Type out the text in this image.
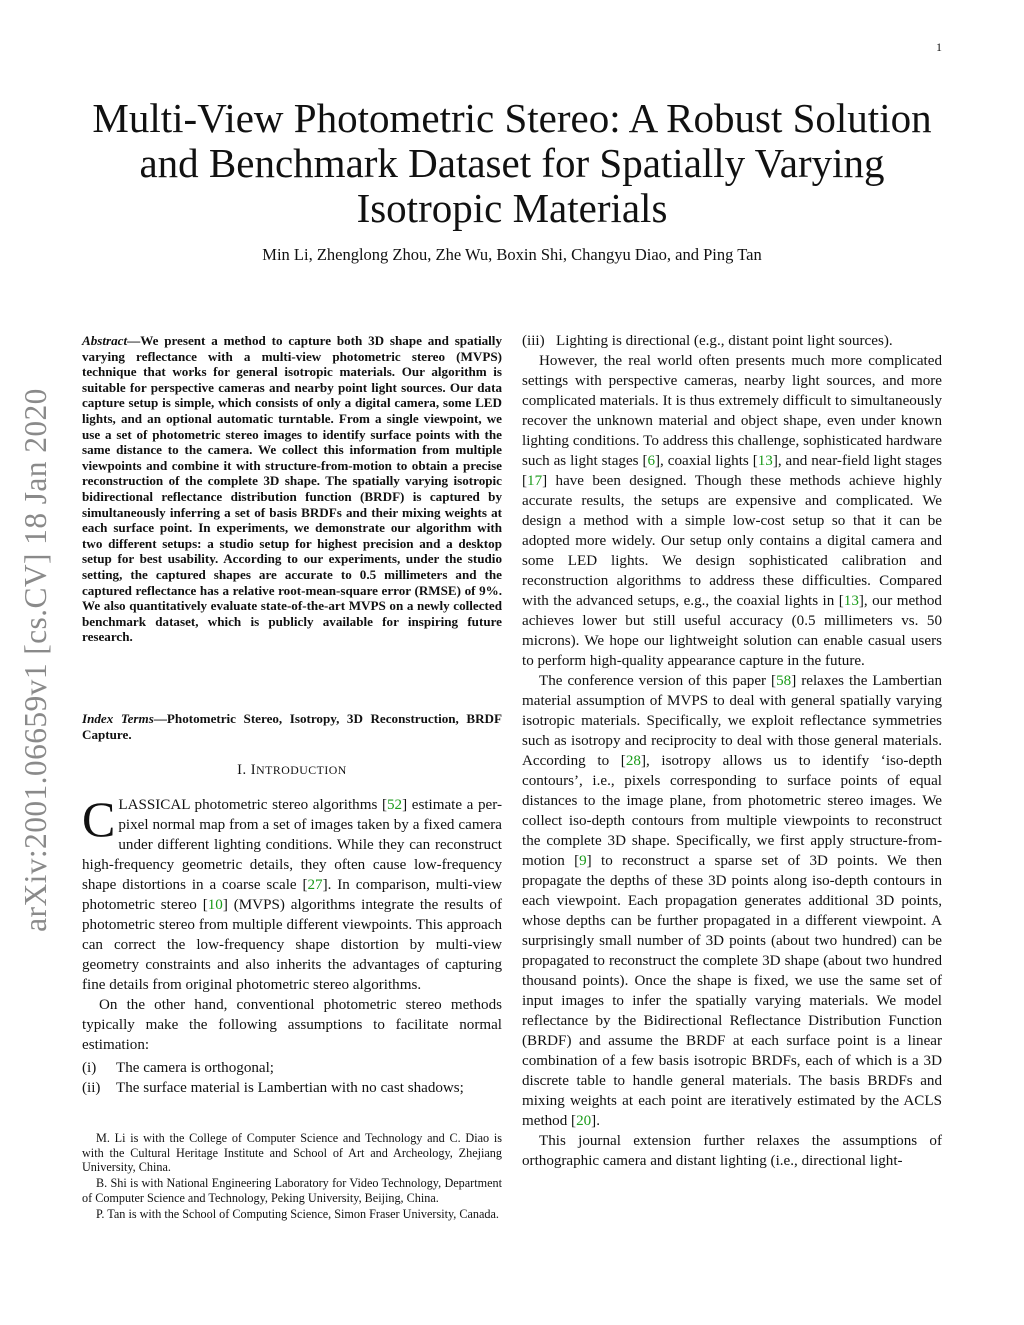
1
arXiv:2001.06659v1 [cs.CV] 18 Jan 2020
Multi-View Photometric Stereo: A Robust Solution
and Benchmark Dataset for Spatially Varying
Isotropic Materials
Min Li, Zhenglong Zhou, Zhe Wu, Boxin Shi, Changyu Diao, and Ping Tan
Abstract—We present a method to capture both 3D shape and spatially varying reflectance with a multi-view photometric stereo (MVPS) technique that works for general isotropic materials. Our algorithm is suitable for perspective cameras and nearby point light sources. Our data capture setup is simple, which consists of only a digital camera, some LED lights, and an optional automatic turntable. From a single viewpoint, we use a set of photometric stereo images to identify surface points with the same distance to the camera. We collect this information from multiple viewpoints and combine it with structure-from-motion to obtain a precise reconstruction of the complete 3D shape. The spatially varying isotropic bidirectional reflectance distribution function (BRDF) is captured by simultaneously inferring a set of basis BRDFs and their mixing weights at each surface point. In experiments, we demonstrate our algorithm with two different setups: a studio setup for highest precision and a desktop setup for best usability. According to our experiments, under the studio setting, the captured shapes are accurate to 0.5 millimeters and the captured reflectance has a relative root-mean-square error (RMSE) of 9%. We also quantitatively evaluate state-of-the-art MVPS on a newly collected benchmark dataset, which is publicly available for inspiring future research.
Index Terms—Photometric Stereo, Isotropy, 3D Reconstruction, BRDF Capture.
I. INTRODUCTION

CLASSICAL photometric stereo algorithms [52] estimate a per-pixel normal map from a set of images taken by a fixed camera under different lighting conditions. While they can reconstruct high-frequency geometric details, they often cause low-frequency shape distortions in a coarse scale [27]. In comparison, multi-view photometric stereo [10] (MVPS) algorithms integrate the results of photometric stereo from multiple different viewpoints. This approach can correct the low-frequency shape distortion by multi-view geometry constraints and also inherits the advantages of capturing fine details from original photometric stereo algorithms.

On the other hand, conventional photometric stereo methods typically make the following assumptions to facilitate normal estimation:

(i)	The camera is orthogonal;
(ii)	The surface material is Lambertian with no cast shadows;

M. Li is with the College of Computer Science and Technology and C. Diao is with the Cultural Heritage Institute and School of Art and Archeology, Zhejiang University, China.

B. Shi is with National Engineering Laboratory for Video Technology, Department of Computer Science and Technology, Peking University, Beijing, China.

P. Tan is with the School of Computing Science, Simon Fraser University, Canada.

(iii) Lighting is directional (e.g., distant point light sources).

However, the real world often presents much more complicated settings with perspective cameras, nearby light sources, and more complicated materials. It is thus extremely difficult to simultaneously recover the unknown material and object shape, even under known lighting conditions. To address this challenge, sophisticated hardware such as light stages [6], coaxial lights [13], and near-field light stages [17] have been designed. Though these methods achieve highly accurate results, the setups are expensive and complicated. We design a method with a simple low-cost setup so that it can be adopted more widely. Our setup only contains a digital camera and some LED lights. We design sophisticated calibration and reconstruction algorithms to address these difficulties. Compared with the advanced setups, e.g., the coaxial lights in [13], our method achieves lower but still useful accuracy (0.5 millimeters vs. 50 microns). We hope our lightweight solution can enable casual users to perform high-quality appearance capture in the future.

The conference version of this paper [58] relaxes the Lambertian material assumption of MVPS to deal with general spatially varying isotropic materials. Specifically, we exploit reflectance symmetries such as isotropy and reciprocity to deal with those general materials. According to [28], isotropy allows us to identify ‘iso-depth contours’, i.e., pixels corresponding to surface points of equal distances to the image plane, from photometric stereo images. We collect iso-depth contours from multiple viewpoints to reconstruct the complete 3D shape. Specifically, we first apply structure-from-motion [9] to reconstruct a sparse set of 3D points. We then propagate the depths of these 3D points along iso-depth contours in each viewpoint. Each propagation generates additional 3D points, whose depths can be further propagated in a different viewpoint. A surprisingly small number of 3D points (about two hundred) can be propagated to reconstruct the complete 3D shape (about two hundred thousand points). Once the shape is fixed, we use the same set of input images to infer the spatially varying materials. We model reflectance by the Bidirectional Reflectance Distribution Function (BRDF) and assume the BRDF at each surface point is a linear combination of a few basis isotropic BRDFs, each of which is a 3D discrete table to handle general materials. The basis BRDFs and mixing weights at each point are iteratively estimated by the ACLS method [20].

This journal extension further relaxes the assumptions of orthographic camera and distant lighting (i.e., directional light-
